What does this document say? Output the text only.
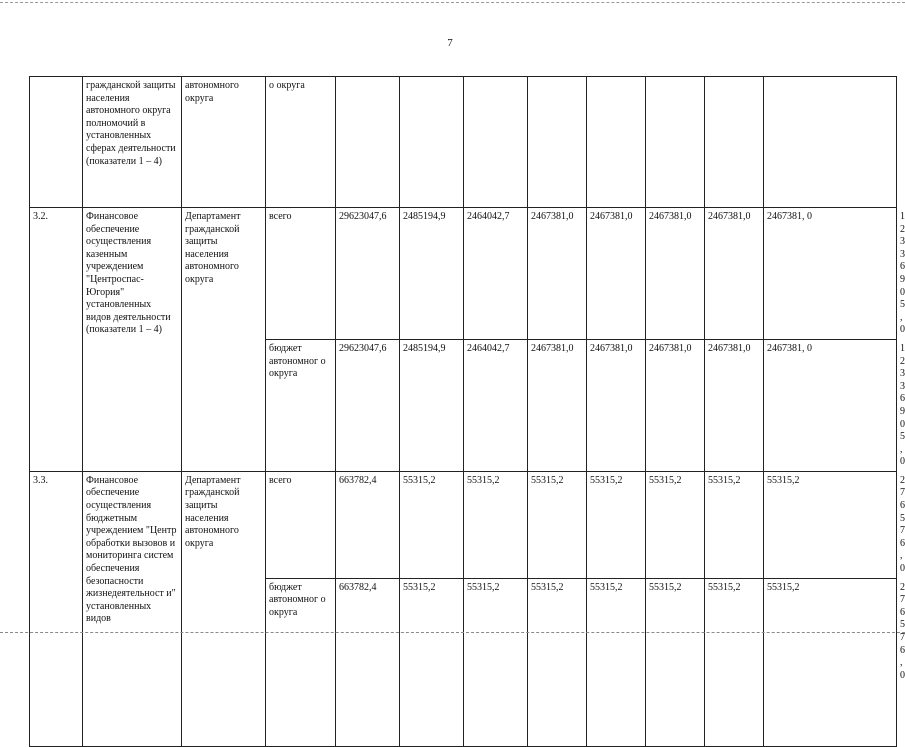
7
	гражданской защиты населения автономного округа полномочий в установленных сферах деятельности (показатели 1 – 4)	автономного округа	о округа									
3.2.	Финансовое обеспечение осуществления казенным учреждением "Центроспас-Югория" установленных видов деятельности (показатели 1 – 4)	Департамент гражданской защиты населения автономного округа	всего	29623047,6	2485194,9	2464042,7	2467381,0	2467381,0	2467381,0	2467381,0	2467381, 0	12336905,0
			бюджет автономног о округа	29623047,6	2485194,9	2464042,7	2467381,0	2467381,0	2467381,0	2467381,0	2467381, 0	12336905,0
3.3.	Финансовое обеспечение осуществления бюджетным учреждением "Центр обработки вызовов и мониторинга систем обеспечения безопасности жизнедеятельност и" установленных видов	Департамент гражданской защиты населения автономного округа	всего	663782,4	55315,2	55315,2	55315,2	55315,2	55315,2	55315,2	55315,2	276576,0
			бюджет автономног о округа	663782,4	55315,2	55315,2	55315,2	55315,2	55315,2	55315,2	55315,2	276576,0
